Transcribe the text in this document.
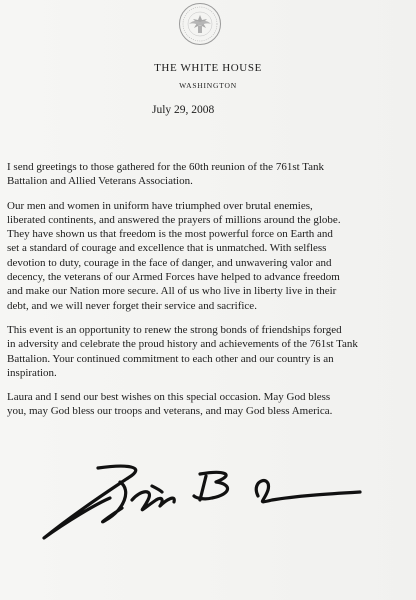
THE WHITE HOUSE
WASHINGTON
July 29, 2008

I send greetings to those gathered for the 60th reunion of the 761st Tank
Battalion and Allied Veterans Association.

Our men and women in uniform have triumphed over brutal enemies,
liberated continents, and answered the prayers of millions around the globe.
They have shown us that freedom is the most powerful force on Earth and
set a standard of courage and excellence that is unmatched. With selfless
devotion to duty, courage in the face of danger, and unwavering valor and
decency, the veterans of our Armed Forces have helped to advance freedom
and make our Nation more secure. All of us who live in liberty live in their
debt, and we will never forget their service and sacrifice.

This event is an opportunity to renew the strong bonds of friendships forged
in adversity and celebrate the proud history and achievements of the 761st Tank
Battalion. Your continued commitment to each other and our country is an
inspiration.

Laura and I send our best wishes on this special occasion. May God bless
you, may God bless our troops and veterans, and may God bless America.
